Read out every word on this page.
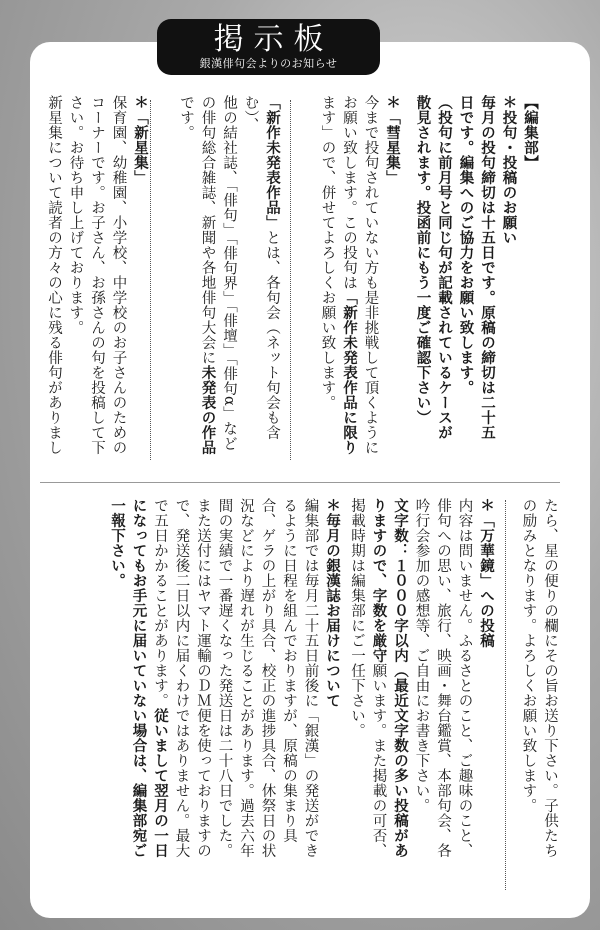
掲示板
銀漢俳句会よりのお知らせ

【編集部】

＊投句・投稿のお願い

毎月の投句締切は十五日です。原稿の締切は二十五

日です。編集へのご協力をお願い致します。

（投句に前月号と同じ句が記載されているケースが

散見されます。投函前にもう一度ご確認下さい）

＊「彗星集」

今まで投句されていない方も是非挑戦して頂くように

お願い致します。この投句は「新作未発表作品に限り

ます」ので、併せてよろしくお願い致します。

「新作未発表作品」とは、各句会（ネット句会も含む）、

他の結社誌、「俳句」「俳句界」「俳壇」「俳句α」など

の俳句総合雑誌、新聞や各地俳句大会に未発表の作品

です。

＊「新星集」

保育園、幼稚園、小学校、中学校のお子さんのための

コーナーです。お子さん、お孫さんの句を投稿して下

さい。お待ち申し上げております。

新星集について読者の方々の心に残る俳句がありまし

たら、星の便りの欄にその旨お送り下さい。子供たち

の励みとなります。よろしくお願い致します。

＊「万華鏡」への投稿

内容は問いません。ふるさとのこと、ご趣味のこと、

俳句への思い、旅行、映画・舞台鑑賞、本部句会、各

吟行会参加の感想等、ご自由にお書き下さい。

文字数：１０００字以内（最近文字数の多い投稿があ

りますので、字数を厳守願います。また掲載の可否、

掲載時期は編集部にご一任下さい。

＊毎月の銀漢誌お届けについて

編集部では毎月二十五日前後に「銀漢」の発送ができ

るように日程を組んでおりますが、原稿の集まり具

合、ゲラの上がり具合、校正の進捗具合、休祭日の状

況などにより遅れが生じることがあります。過去六年

間の実績で一番遅くなった発送日は二十八日でした。

また送付にはヤマト運輸のＤＭ便を使っておりますの

で、発送後二日以内に届くわけではありません。最大

で五日かかることがあります。従いまして翌月の一日

になってもお手元に届いていない場合は、編集部宛ご

一報下さい。
